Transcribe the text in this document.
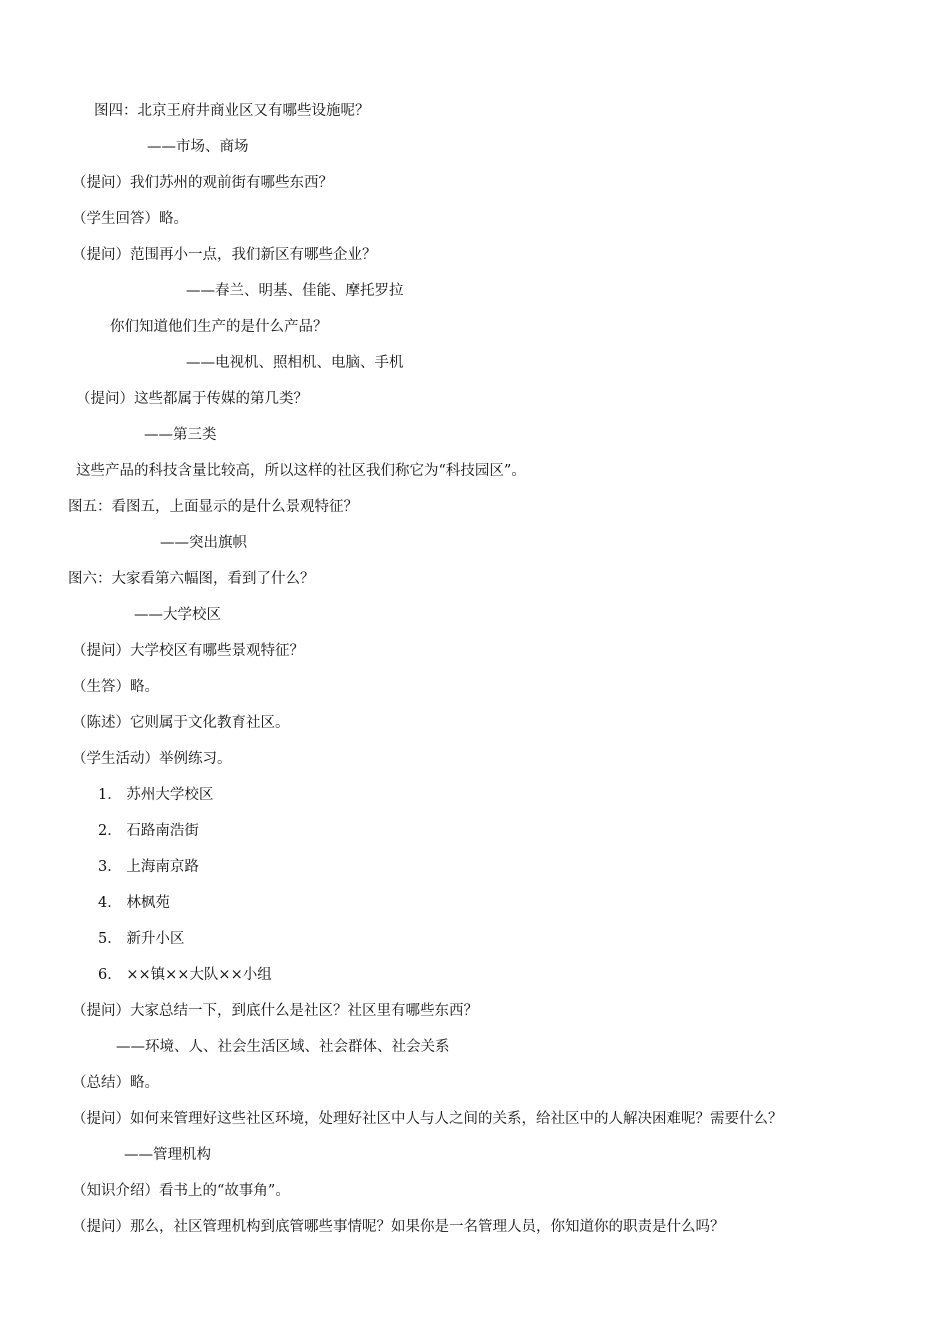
图四：北京王府井商业区又有哪些设施呢？
——市场、商场
（提问）我们苏州的观前街有哪些东西？
（学生回答）略。
（提问）范围再小一点，我们新区有哪些企业？
——春兰、明基、佳能、摩托罗拉
你们知道他们生产的是什么产品？
——电视机、照相机、电脑、手机
（提问）这些都属于传媒的第几类？
——第三类
这些产品的科技含量比较高，所以这样的社区我们称它为“科技园区”。
图五：看图五，上面显示的是什么景观特征？
——突出旗帜
图六：大家看第六幅图，看到了什么？
——大学校区
（提问）大学校区有哪些景观特征？
（生答）略。
（陈述）它则属于文化教育社区。
（学生活动）举例练习。
1． 苏州大学校区
2． 石路南浩街
3． 上海南京路
4． 林枫苑
5． 新升小区
6． ××镇××大队××小组
（提问）大家总结一下，到底什么是社区？社区里有哪些东西？
——环境、人、社会生活区域、社会群体、社会关系
（总结）略。
（提问）如何来管理好这些社区环境，处理好社区中人与人之间的关系，给社区中的人解决困难呢？需要什么？
——管理机构
（知识介绍）看书上的“故事角”。
（提问）那么，社区管理机构到底管哪些事情呢？如果你是一名管理人员，你知道你的职责是什么吗？
